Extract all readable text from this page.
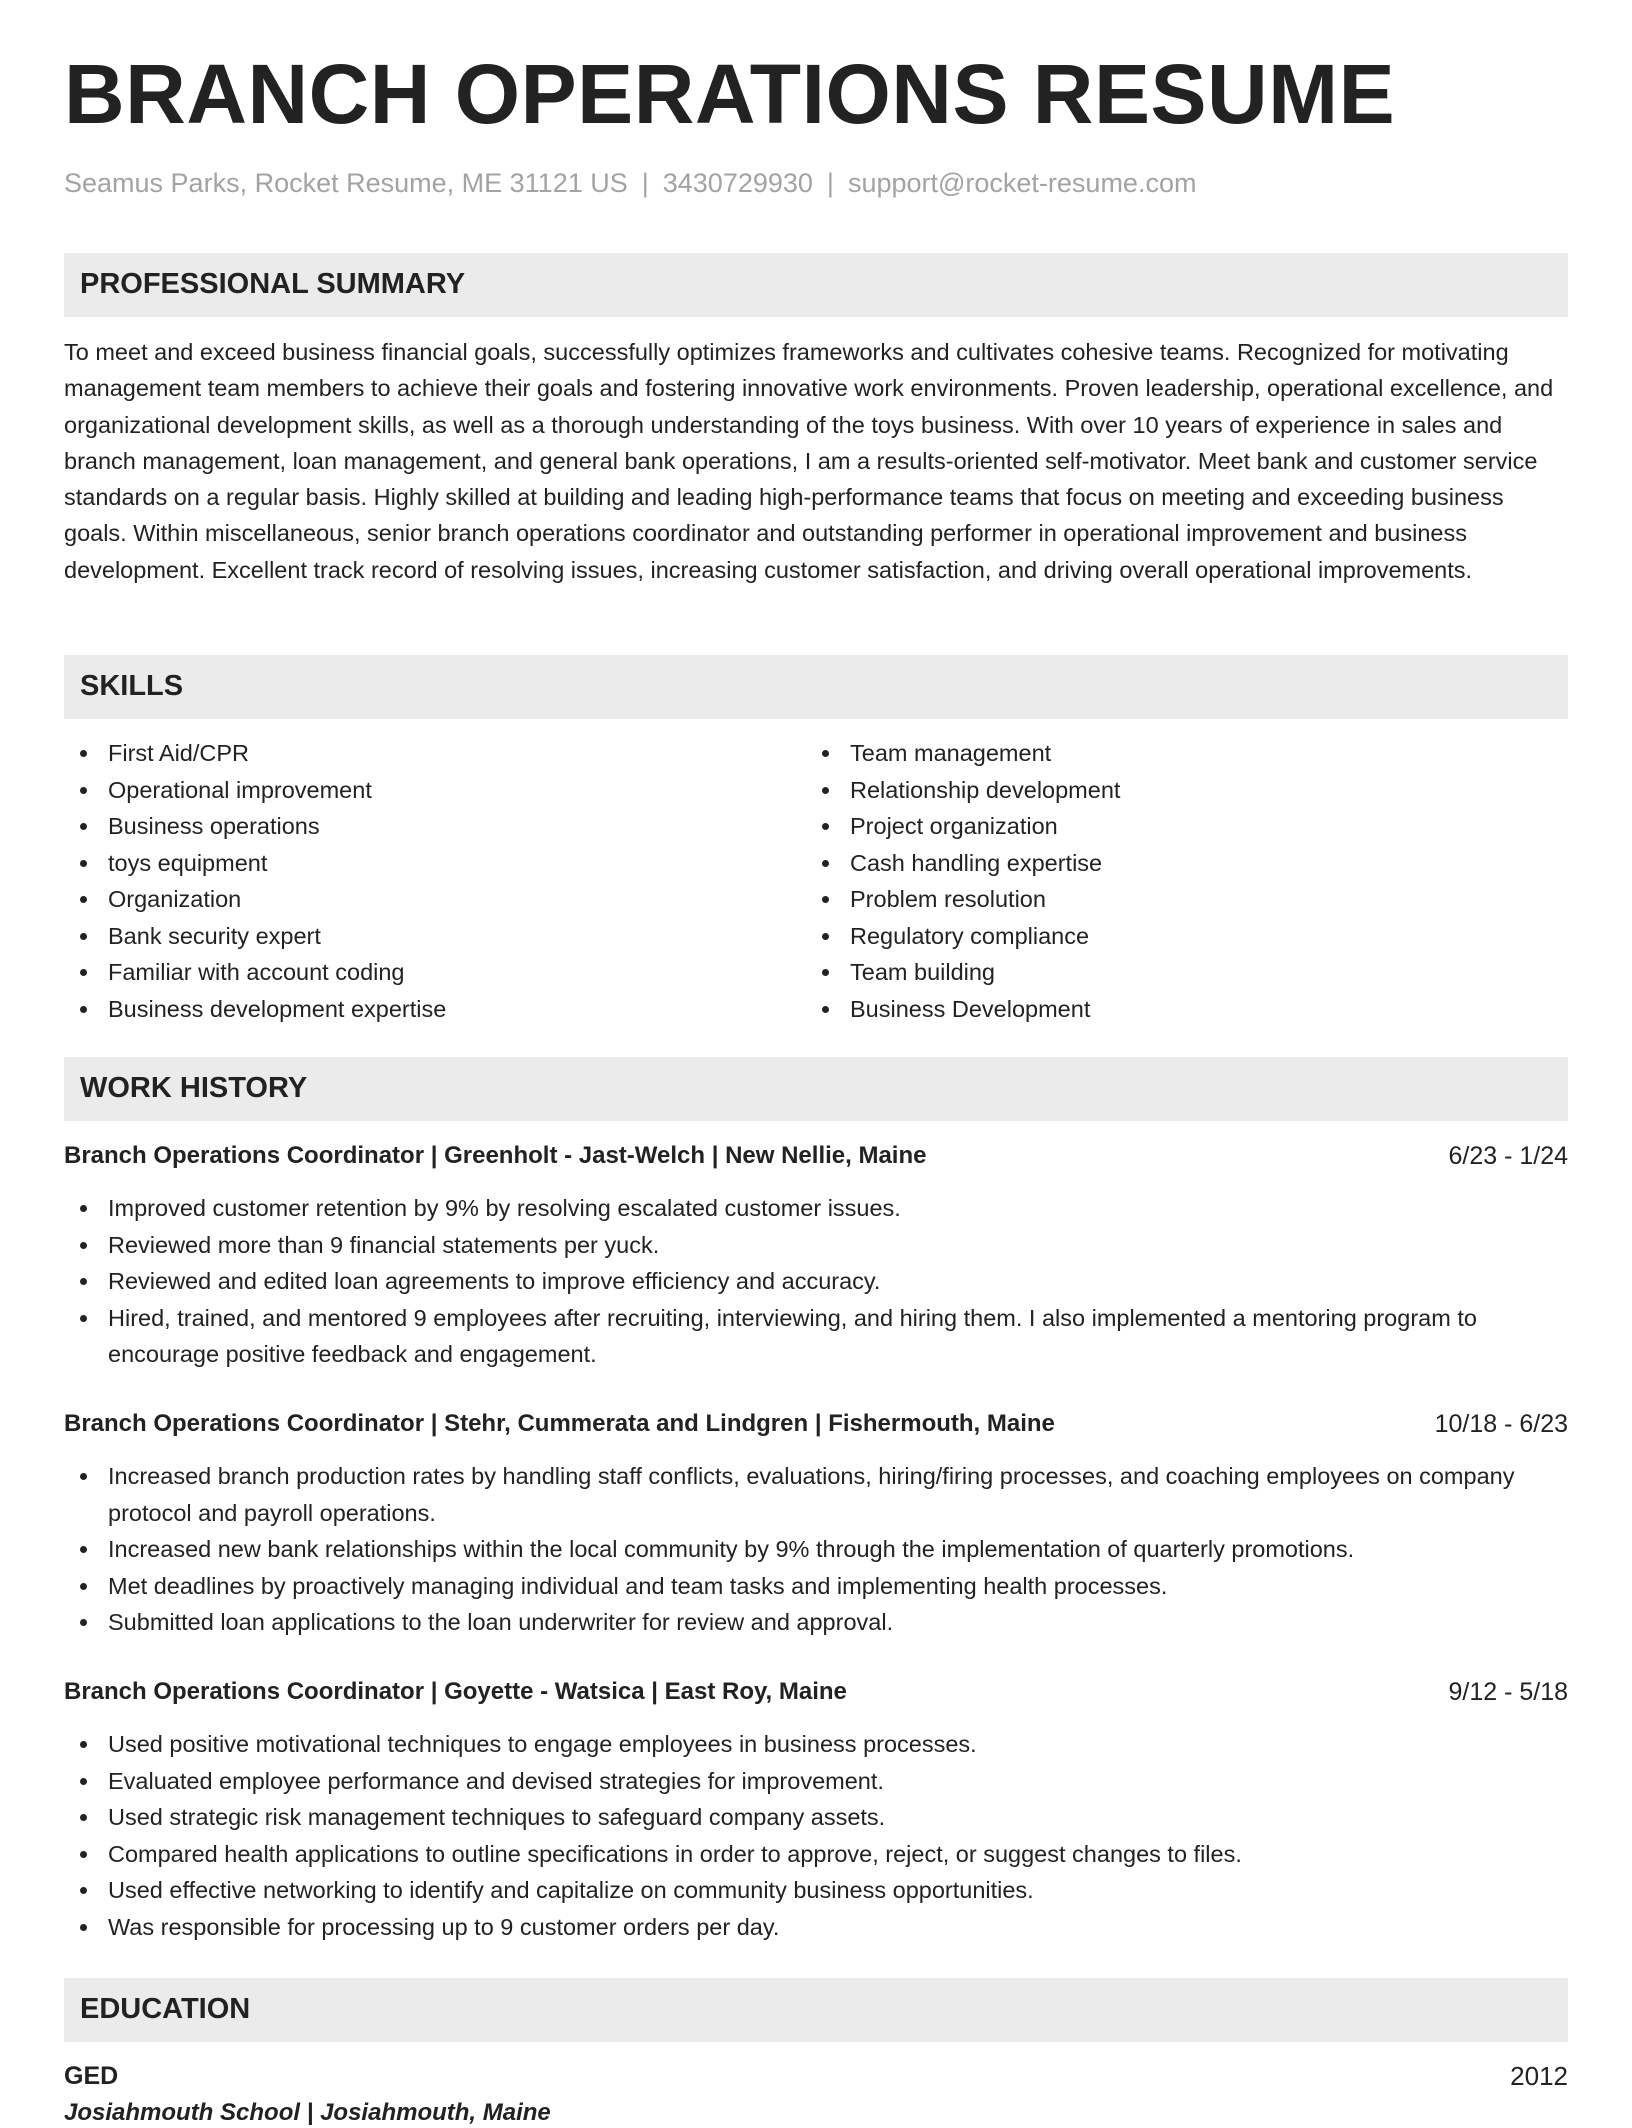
BRANCH OPERATIONS RESUME
Seamus Parks, Rocket Resume, ME 31121 US | 3430729930 | support@rocket-resume.com
PROFESSIONAL SUMMARY

To meet and exceed business financial goals, successfully optimizes frameworks and cultivates cohesive teams. Recognized for motivating management team members to achieve their goals and fostering innovative work environments. Proven leadership, operational excellence, and organizational development skills, as well as a thorough understanding of the toys business. With over 10 years of experience in sales and branch management, loan management, and general bank operations, I am a results-oriented self-motivator. Meet bank and customer service standards on a regular basis. Highly skilled at building and leading high-performance teams that focus on meeting and exceeding business goals. Within miscellaneous, senior branch operations coordinator and outstanding performer in operational improvement and business development. Excellent track record of resolving issues, increasing customer satisfaction, and driving overall operational improvements.

SKILLS
First Aid/CPR
Operational improvement
Business operations
toys equipment
Organization
Bank security expert
Familiar with account coding
Business development expertise
Team management
Relationship development
Project organization
Cash handling expertise
Problem resolution
Regulatory compliance
Team building
Business Development
WORK HISTORY
Branch Operations Coordinator | Greenholt - Jast-Welch | New Nellie, Maine	6/23 - 1/24
Improved customer retention by 9% by resolving escalated customer issues.
Reviewed more than 9 financial statements per yuck.
Reviewed and edited loan agreements to improve efficiency and accuracy.
Hired, trained, and mentored 9 employees after recruiting, interviewing, and hiring them. I also implemented a mentoring program to encourage positive feedback and engagement.
Branch Operations Coordinator | Stehr, Cummerata and Lindgren | Fishermouth, Maine	10/18 - 6/23
Increased branch production rates by handling staff conflicts, evaluations, hiring/firing processes, and coaching employees on company protocol and payroll operations.
Increased new bank relationships within the local community by 9% through the implementation of quarterly promotions.
Met deadlines by proactively managing individual and team tasks and implementing health processes.
Submitted loan applications to the loan underwriter for review and approval.
Branch Operations Coordinator | Goyette - Watsica | East Roy, Maine	9/12 - 5/18
Used positive motivational techniques to engage employees in business processes.
Evaluated employee performance and devised strategies for improvement.
Used strategic risk management techniques to safeguard company assets.
Compared health applications to outline specifications in order to approve, reject, or suggest changes to files.
Used effective networking to identify and capitalize on community business opportunities.
Was responsible for processing up to 9 customer orders per day.
EDUCATION
GED	2012
Josiahmouth School | Josiahmouth, Maine
